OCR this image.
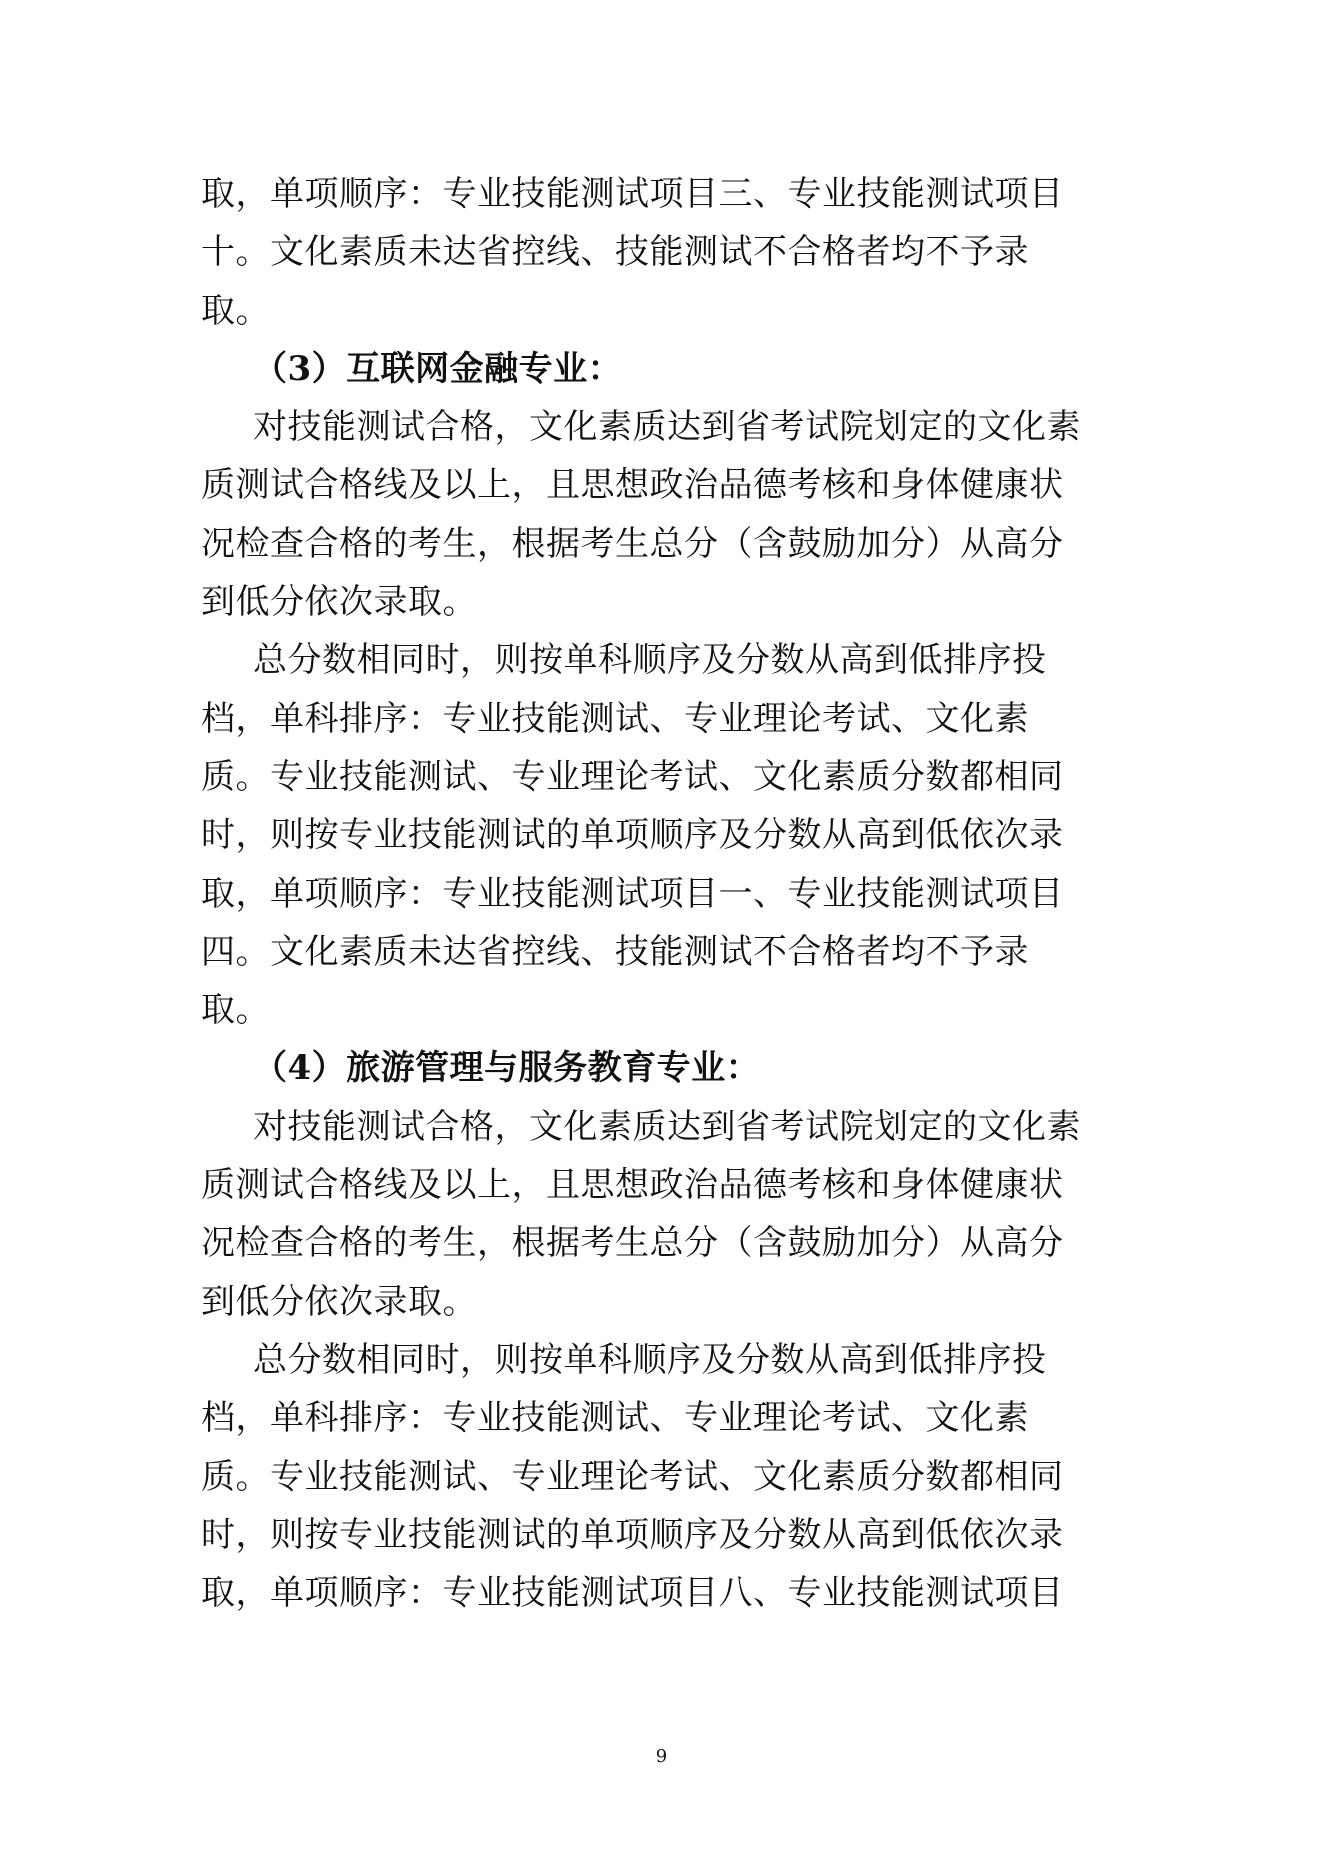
取，单项顺序：专业技能测试项目三、专业技能测试项目
十。文化素质未达省控线、技能测试不合格者均不予录
取。
（3）互联网金融专业：
对技能测试合格，文化素质达到省考试院划定的文化素
质测试合格线及以上，且思想政治品德考核和身体健康状
况检查合格的考生，根据考生总分（含鼓励加分）从高分
到低分依次录取。
总分数相同时，则按单科顺序及分数从高到低排序投
档，单科排序：专业技能测试、专业理论考试、文化素
质。专业技能测试、专业理论考试、文化素质分数都相同
时，则按专业技能测试的单项顺序及分数从高到低依次录
取，单项顺序：专业技能测试项目一、专业技能测试项目
四。文化素质未达省控线、技能测试不合格者均不予录
取。
（4）旅游管理与服务教育专业：
对技能测试合格，文化素质达到省考试院划定的文化素
质测试合格线及以上，且思想政治品德考核和身体健康状
况检查合格的考生，根据考生总分（含鼓励加分）从高分
到低分依次录取。
总分数相同时，则按单科顺序及分数从高到低排序投
档，单科排序：专业技能测试、专业理论考试、文化素
质。专业技能测试、专业理论考试、文化素质分数都相同
时，则按专业技能测试的单项顺序及分数从高到低依次录
取，单项顺序：专业技能测试项目八、专业技能测试项目
9
